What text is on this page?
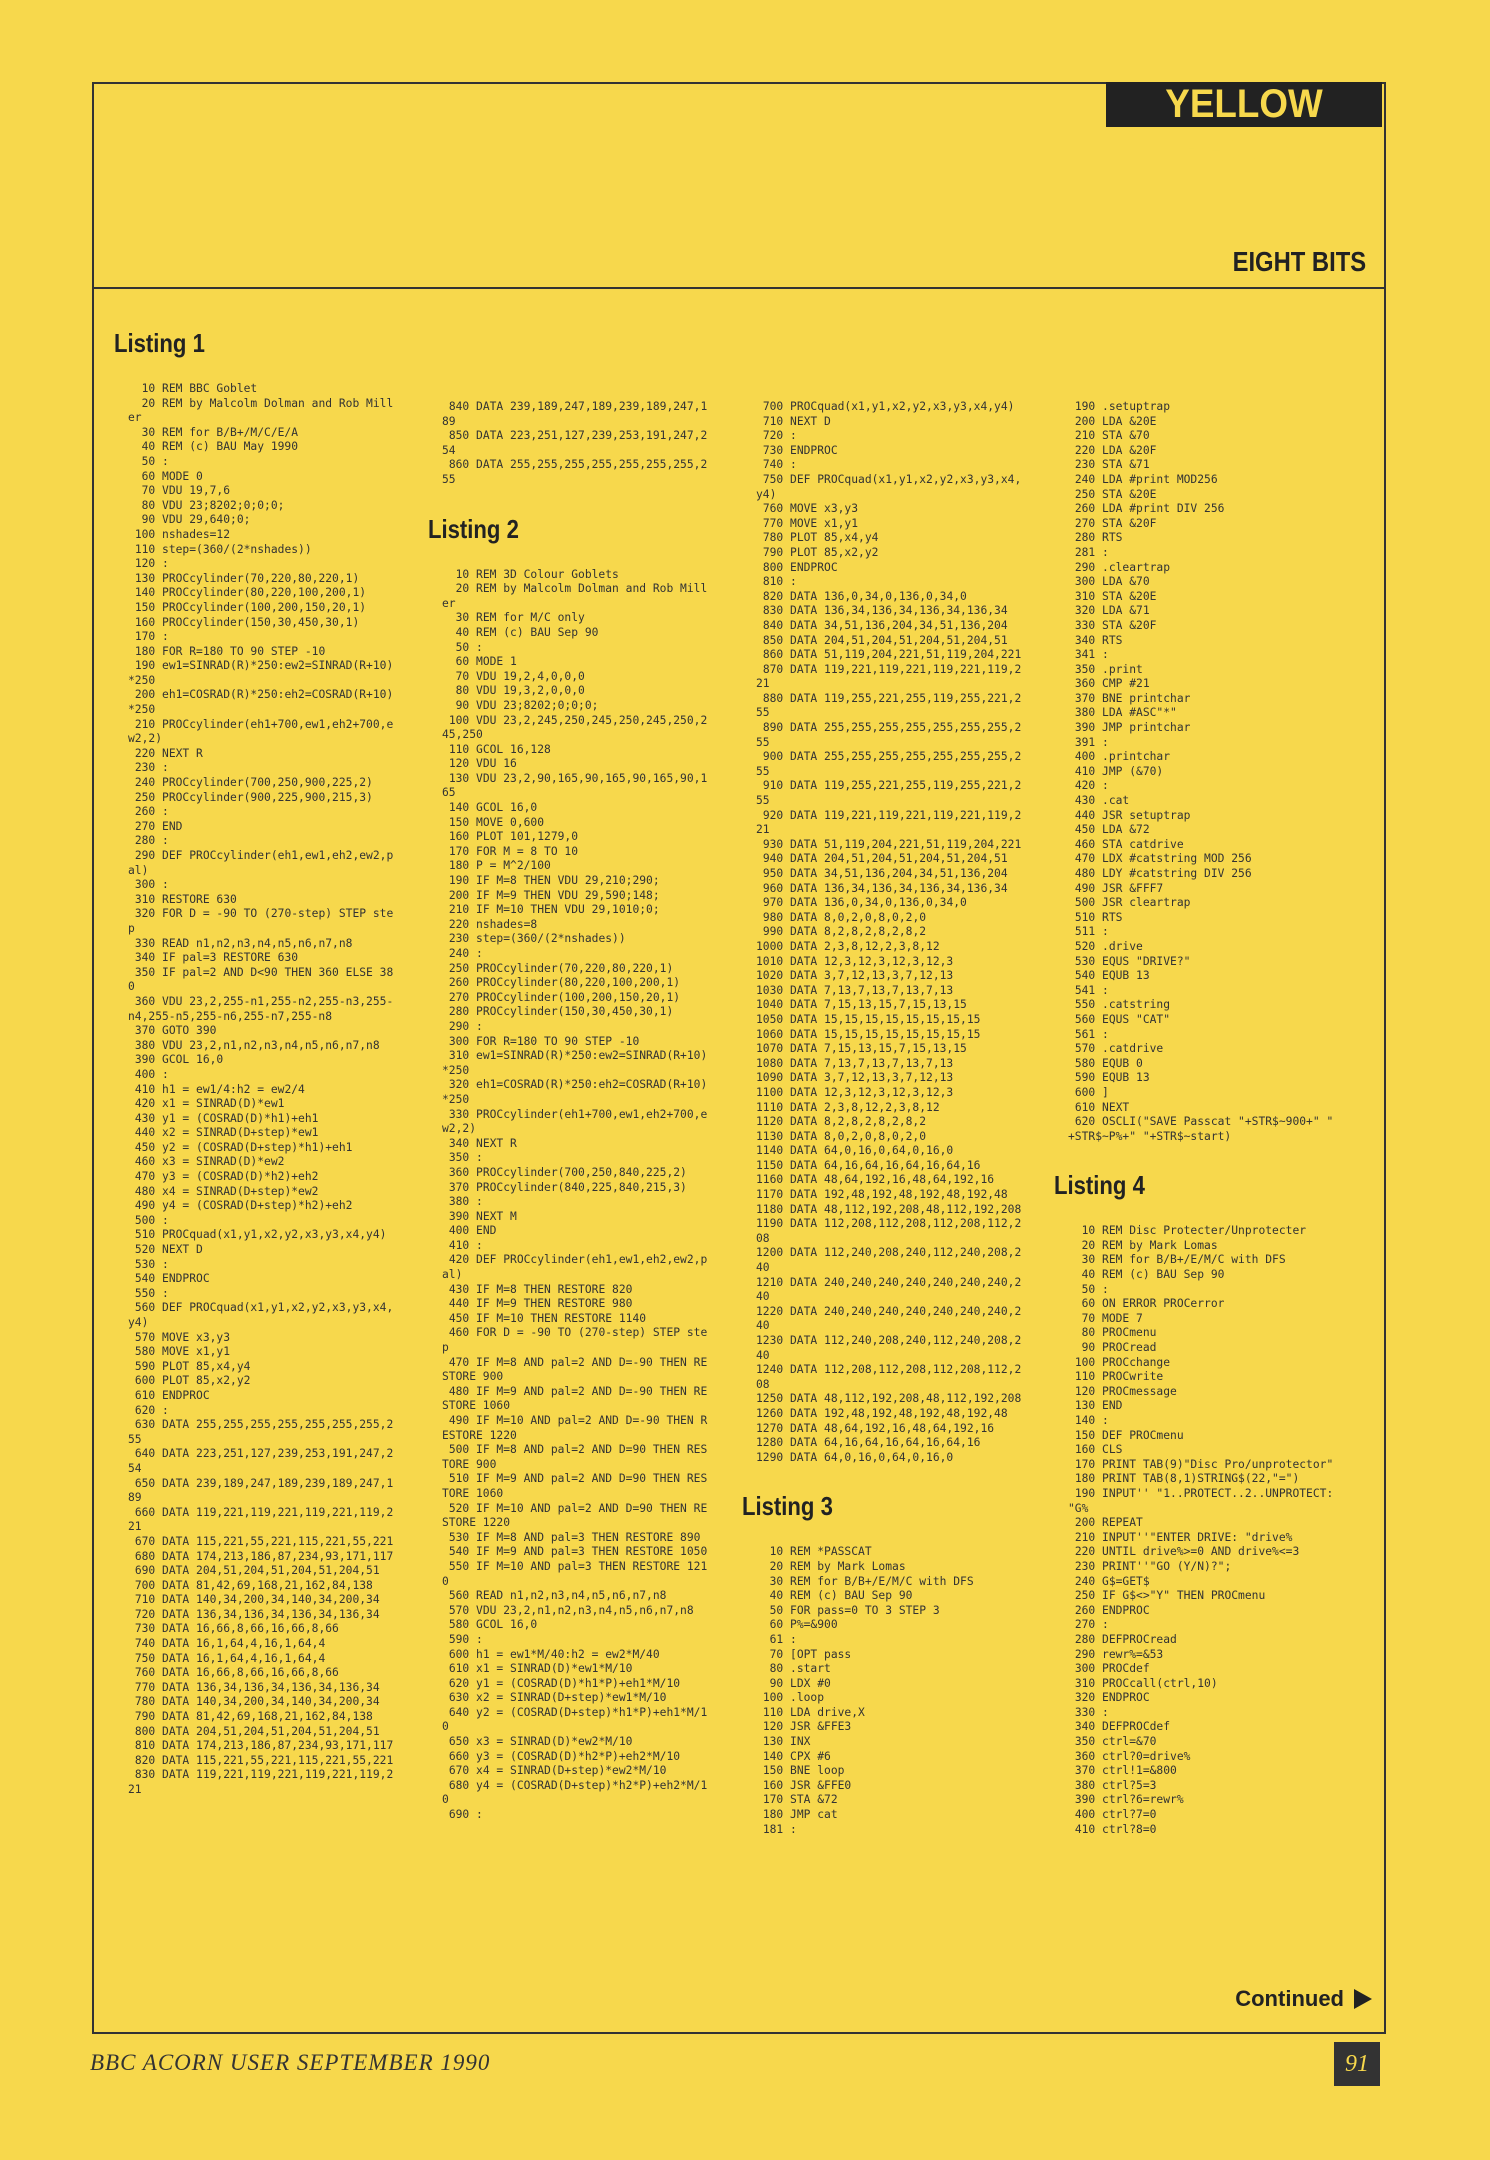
YELLOW PAGES
EIGHT BITS
Listing 1
10 REM BBC Goblet
20 REM by Malcolm Dolman and Rob Mill
er
30 REM for B/B+/M/C/E/A
40 REM (c) BAU May 1990
50 :
60 MODE 0
70 VDU 19,7,6
80 VDU 23;8202;0;0;0;
90 VDU 29,640;0;
100 nshades=12
110 step=(360/(2*nshades))
120 :
130 PROCcylinder(70,220,80,220,1)
140 PROCcylinder(80,220,100,200,1)
150 PROCcylinder(100,200,150,20,1)
160 PROCcylinder(150,30,450,30,1)
170 :
180 FOR R=180 TO 90 STEP -10
190 ew1=SINRAD(R)*250:ew2=SINRAD(R+10)
*250
200 eh1=COSRAD(R)*250:eh2=COSRAD(R+10)
*250
210 PROCcylinder(eh1+700,ew1,eh2+700,e
w2,2)
220 NEXT R
230 :
240 PROCcylinder(700,250,900,225,2)
250 PROCcylinder(900,225,900,215,3)
260 :
270 END
280 :
290 DEF PROCcylinder(eh1,ew1,eh2,ew2,p
al)
300 :
310 RESTORE 630
320 FOR D = -90 TO (270-step) STEP ste
p
330 READ n1,n2,n3,n4,n5,n6,n7,n8
340 IF pal=3 RESTORE 630
350 IF pal=2 AND D<90 THEN 360 ELSE 38
0
360 VDU 23,2,255-n1,255-n2,255-n3,255-
n4,255-n5,255-n6,255-n7,255-n8
370 GOTO 390
380 VDU 23,2,n1,n2,n3,n4,n5,n6,n7,n8
390 GCOL 16,0
400 :
410 h1 = ew1/4:h2 = ew2/4
420 x1 = SINRAD(D)*ew1
430 y1 = (COSRAD(D)*h1)+eh1
440 x2 = SINRAD(D+step)*ew1
450 y2 = (COSRAD(D+step)*h1)+eh1
460 x3 = SINRAD(D)*ew2
470 y3 = (COSRAD(D)*h2)+eh2
480 x4 = SINRAD(D+step)*ew2
490 y4 = (COSRAD(D+step)*h2)+eh2
500 :
510 PROCquad(x1,y1,x2,y2,x3,y3,x4,y4)
520 NEXT D
530 :
540 ENDPROC
550 :
560 DEF PROCquad(x1,y1,x2,y2,x3,y3,x4,
y4)
570 MOVE x3,y3
580 MOVE x1,y1
590 PLOT 85,x4,y4
600 PLOT 85,x2,y2
610 ENDPROC
620 :
630 DATA 255,255,255,255,255,255,255,2
55
640 DATA 223,251,127,239,253,191,247,2
54
650 DATA 239,189,247,189,239,189,247,1
89
660 DATA 119,221,119,221,119,221,119,2
21
670 DATA 115,221,55,221,115,221,55,221
680 DATA 174,213,186,87,234,93,171,117
690 DATA 204,51,204,51,204,51,204,51
700 DATA 81,42,69,168,21,162,84,138
710 DATA 140,34,200,34,140,34,200,34
720 DATA 136,34,136,34,136,34,136,34
730 DATA 16,66,8,66,16,66,8,66
740 DATA 16,1,64,4,16,1,64,4
750 DATA 16,1,64,4,16,1,64,4
760 DATA 16,66,8,66,16,66,8,66
770 DATA 136,34,136,34,136,34,136,34
780 DATA 140,34,200,34,140,34,200,34
790 DATA 81,42,69,168,21,162,84,138
800 DATA 204,51,204,51,204,51,204,51
810 DATA 174,213,186,87,234,93,171,117
820 DATA 115,221,55,221,115,221,55,221
830 DATA 119,221,119,221,119,221,119,2
21
840 DATA 239,189,247,189,239,189,247,1
89
850 DATA 223,251,127,239,253,191,247,2
54
860 DATA 255,255,255,255,255,255,255,2
55
Listing 2
10 REM 3D Colour Goblets
20 REM by Malcolm Dolman and Rob Mill
er
30 REM for M/C only
40 REM (c) BAU Sep 90
50 :
60 MODE 1
70 VDU 19,2,4,0,0,0
80 VDU 19,3,2,0,0,0
90 VDU 23;8202;0;0;0;
100 VDU 23,2,245,250,245,250,245,250,2
45,250
110 GCOL 16,128
120 VDU 16
130 VDU 23,2,90,165,90,165,90,165,90,1
65
140 GCOL 16,0
150 MOVE 0,600
160 PLOT 101,1279,0
170 FOR M = 8 TO 10
180 P = M^2/100
190 IF M=8 THEN VDU 29,210;290;
200 IF M=9 THEN VDU 29,590;148;
210 IF M=10 THEN VDU 29,1010;0;
220 nshades=8
230 step=(360/(2*nshades))
240 :
250 PROCcylinder(70,220,80,220,1)
260 PROCcylinder(80,220,100,200,1)
270 PROCcylinder(100,200,150,20,1)
280 PROCcylinder(150,30,450,30,1)
290 :
300 FOR R=180 TO 90 STEP -10
310 ew1=SINRAD(R)*250:ew2=SINRAD(R+10)
*250
320 eh1=COSRAD(R)*250:eh2=COSRAD(R+10)
*250
330 PROCcylinder(eh1+700,ew1,eh2+700,e
w2,2)
340 NEXT R
350 :
360 PROCcylinder(700,250,840,225,2)
370 PROCcylinder(840,225,840,215,3)
380 :
390 NEXT M
400 END
410 :
420 DEF PROCcylinder(eh1,ew1,eh2,ew2,p
al)
430 IF M=8 THEN RESTORE 820
440 IF M=9 THEN RESTORE 980
450 IF M=10 THEN RESTORE 1140
460 FOR D = -90 TO (270-step) STEP ste
p
470 IF M=8 AND pal=2 AND D=-90 THEN RE
STORE 900
480 IF M=9 AND pal=2 AND D=-90 THEN RE
STORE 1060
490 IF M=10 AND pal=2 AND D=-90 THEN R
ESTORE 1220
500 IF M=8 AND pal=2 AND D=90 THEN RES
TORE 900
510 IF M=9 AND pal=2 AND D=90 THEN RES
TORE 1060
520 IF M=10 AND pal=2 AND D=90 THEN RE
STORE 1220
530 IF M=8 AND pal=3 THEN RESTORE 890
540 IF M=9 AND pal=3 THEN RESTORE 1050
550 IF M=10 AND pal=3 THEN RESTORE 121
0
560 READ n1,n2,n3,n4,n5,n6,n7,n8
570 VDU 23,2,n1,n2,n3,n4,n5,n6,n7,n8
580 GCOL 16,0
590 :
600 h1 = ew1*M/40:h2 = ew2*M/40
610 x1 = SINRAD(D)*ew1*M/10
620 y1 = (COSRAD(D)*h1*P)+eh1*M/10
630 x2 = SINRAD(D+step)*ew1*M/10
640 y2 = (COSRAD(D+step)*h1*P)+eh1*M/1
0
650 x3 = SINRAD(D)*ew2*M/10
660 y3 = (COSRAD(D)*h2*P)+eh2*M/10
670 x4 = SINRAD(D+step)*ew2*M/10
680 y4 = (COSRAD(D+step)*h2*P)+eh2*M/1
0
690 :
700 PROCquad(x1,y1,x2,y2,x3,y3,x4,y4)
710 NEXT D
720 :
730 ENDPROC
740 :
750 DEF PROCquad(x1,y1,x2,y2,x3,y3,x4,
y4)
760 MOVE x3,y3
770 MOVE x1,y1
780 PLOT 85,x4,y4
790 PLOT 85,x2,y2
800 ENDPROC
810 :
820 DATA 136,0,34,0,136,0,34,0
830 DATA 136,34,136,34,136,34,136,34
840 DATA 34,51,136,204,34,51,136,204
850 DATA 204,51,204,51,204,51,204,51
860 DATA 51,119,204,221,51,119,204,221
870 DATA 119,221,119,221,119,221,119,2
21
880 DATA 119,255,221,255,119,255,221,2
55
890 DATA 255,255,255,255,255,255,255,2
55
900 DATA 255,255,255,255,255,255,255,2
55
910 DATA 119,255,221,255,119,255,221,2
55
920 DATA 119,221,119,221,119,221,119,2
21
930 DATA 51,119,204,221,51,119,204,221
940 DATA 204,51,204,51,204,51,204,51
950 DATA 34,51,136,204,34,51,136,204
960 DATA 136,34,136,34,136,34,136,34
970 DATA 136,0,34,0,136,0,34,0
980 DATA 8,0,2,0,8,0,2,0
990 DATA 8,2,8,2,8,2,8,2
1000 DATA 2,3,8,12,2,3,8,12
1010 DATA 12,3,12,3,12,3,12,3
1020 DATA 3,7,12,13,3,7,12,13
1030 DATA 7,13,7,13,7,13,7,13
1040 DATA 7,15,13,15,7,15,13,15
1050 DATA 15,15,15,15,15,15,15,15
1060 DATA 15,15,15,15,15,15,15,15
1070 DATA 7,15,13,15,7,15,13,15
1080 DATA 7,13,7,13,7,13,7,13
1090 DATA 3,7,12,13,3,7,12,13
1100 DATA 12,3,12,3,12,3,12,3
1110 DATA 2,3,8,12,2,3,8,12
1120 DATA 8,2,8,2,8,2,8,2
1130 DATA 8,0,2,0,8,0,2,0
1140 DATA 64,0,16,0,64,0,16,0
1150 DATA 64,16,64,16,64,16,64,16
1160 DATA 48,64,192,16,48,64,192,16
1170 DATA 192,48,192,48,192,48,192,48
1180 DATA 48,112,192,208,48,112,192,208
1190 DATA 112,208,112,208,112,208,112,2
08
1200 DATA 112,240,208,240,112,240,208,2
40
1210 DATA 240,240,240,240,240,240,240,2
40
1220 DATA 240,240,240,240,240,240,240,2
40
1230 DATA 112,240,208,240,112,240,208,2
40
1240 DATA 112,208,112,208,112,208,112,2
08
1250 DATA 48,112,192,208,48,112,192,208
1260 DATA 192,48,192,48,192,48,192,48
1270 DATA 48,64,192,16,48,64,192,16
1280 DATA 64,16,64,16,64,16,64,16
1290 DATA 64,0,16,0,64,0,16,0
Listing 3
10 REM *PASSCAT
20 REM by Mark Lomas
30 REM for B/B+/E/M/C with DFS
40 REM (c) BAU Sep 90
50 FOR pass=0 TO 3 STEP 3
60 P%=&900
61 :
70 [OPT pass
80 .start
90 LDX #0
100 .loop
110 LDA drive,X
120 JSR &FFE3
130 INX
140 CPX #6
150 BNE loop
160 JSR &FFE0
170 STA &72
180 JMP cat
181 :
190 .setuptrap
200 LDA &20E
210 STA &70
220 LDA &20F
230 STA &71
240 LDA #print MOD256
250 STA &20E
260 LDA #print DIV 256
270 STA &20F
280 RTS
281 :
290 .cleartrap
300 LDA &70
310 STA &20E
320 LDA &71
330 STA &20F
340 RTS
341 :
350 .print
360 CMP #21
370 BNE printchar
380 LDA #ASC"*"
390 JMP printchar
391 :
400 .printchar
410 JMP (&70)
420 :
430 .cat
440 JSR setuptrap
450 LDA &72
460 STA catdrive
470 LDX #catstring MOD 256
480 LDY #catstring DIV 256
490 JSR &FFF7
500 JSR cleartrap
510 RTS
511 :
520 .drive
530 EQUS "DRIVE?"
540 EQUB 13
541 :
550 .catstring
560 EQUS "CAT"
561 :
570 .catdrive
580 EQUB 0
590 EQUB 13
600 ]
610 NEXT
620 OSCLI("SAVE Passcat "+STR$~900+" "
+STR$~P%+" "+STR$~start)
Listing 4
10 REM Disc Protecter/Unprotecter
20 REM by Mark Lomas
30 REM for B/B+/E/M/C with DFS
40 REM (c) BAU Sep 90
50 :
60 ON ERROR PROCerror
70 MODE 7
80 PROCmenu
90 PROCread
100 PROCchange
110 PROCwrite
120 PROCmessage
130 END
140 :
150 DEF PROCmenu
160 CLS
170 PRINT TAB(9)"Disc Pro/unprotector"
180 PRINT TAB(8,1)STRING$(22,"=")
190 INPUT'' "1..PROTECT..2..UNPROTECT:
"G%
200 REPEAT
210 INPUT''"ENTER DRIVE: "drive%
220 UNTIL drive%>=0 AND drive%<=3
230 PRINT''"GO (Y/N)?";
240 G$=GET$
250 IF G$<>"Y" THEN PROCmenu
260 ENDPROC
270 :
280 DEFPROCread
290 rewr%=&53
300 PROCdef
310 PROCcall(ctrl,10)
320 ENDPROC
330 :
340 DEFPROCdef
350 ctrl=&70
360 ctrl?0=drive%
370 ctrl!1=&800
380 ctrl?5=3
390 ctrl?6=rewr%
400 ctrl?7=0
410 ctrl?8=0
Continued
BBC ACORN USER SEPTEMBER 1990	91
